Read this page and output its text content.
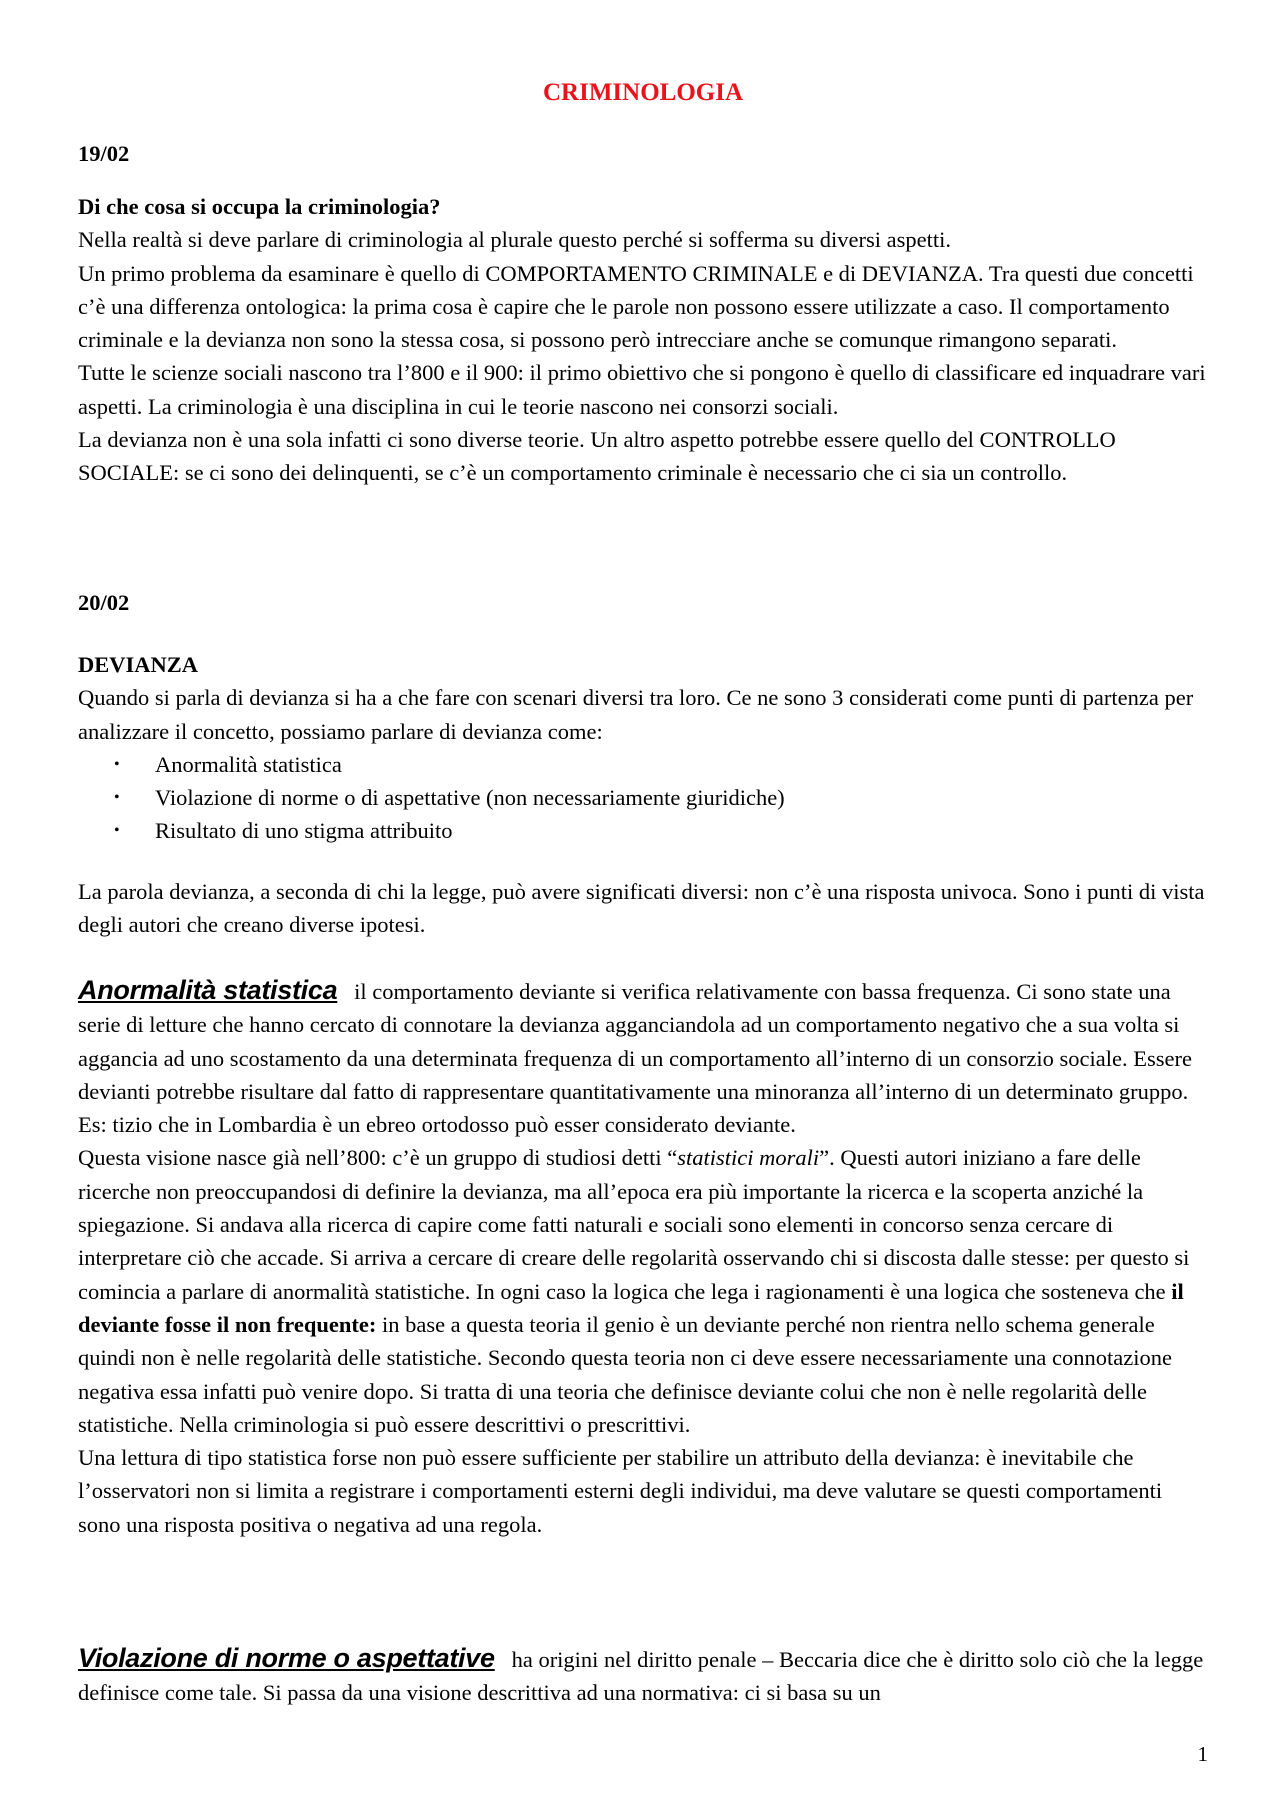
CRIMINOLOGIA

19/02

Di che cosa si occupa la criminologia?

Nella realtà si deve parlare di criminologia al plurale questo perché si sofferma su diversi aspetti.

Un primo problema da esaminare è quello di COMPORTAMENTO CRIMINALE e di DEVIANZA. Tra questi due concetti c’è una differenza ontologica: la prima cosa è capire che le parole non possono essere utilizzate a caso. Il comportamento criminale e la devianza non sono la stessa cosa, si possono però intrecciare anche se comunque rimangono separati.

Tutte le scienze sociali nascono tra l’800 e il 900: il primo obiettivo che si pongono è quello di classificare ed inquadrare vari aspetti. La criminologia è una disciplina in cui le teorie nascono nei consorzi sociali.

La devianza non è una sola infatti ci sono diverse teorie. Un altro aspetto potrebbe essere quello del CONTROLLO SOCIALE: se ci sono dei delinquenti, se c’è un comportamento criminale è necessario che ci sia un controllo.

20/02

DEVIANZA

Quando si parla di devianza si ha a che fare con scenari diversi tra loro. Ce ne sono 3 considerati come punti di partenza per analizzare il concetto, possiamo parlare di devianza come:

• Anormalità statistica
• Violazione di norme o di aspettative (non necessariamente giuridiche)
• Risultato di uno stigma attribuito

La parola devianza, a seconda di chi la legge, può avere significati diversi: non c’è una risposta univoca. Sono i punti di vista degli autori che creano diverse ipotesi.

Anormalità statistica il comportamento deviante si verifica relativamente con bassa frequenza. Ci sono state una serie di letture che hanno cercato di connotare la devianza agganciandola ad un comportamento negativo che a sua volta si aggancia ad uno scostamento da una determinata frequenza di un comportamento all’interno di un consorzio sociale. Essere devianti potrebbe risultare dal fatto di rappresentare quantitativamente una minoranza all’interno di un determinato gruppo. Es: tizio che in Lombardia è un ebreo ortodosso può esser considerato deviante.

Questa visione nasce già nell’800: c’è un gruppo di studiosi detti “statistici morali”. Questi autori iniziano a fare delle ricerche non preoccupandosi di definire la devianza, ma all’epoca era più importante la ricerca e la scoperta anziché la spiegazione. Si andava alla ricerca di capire come fatti naturali e sociali sono elementi in concorso senza cercare di interpretare ciò che accade. Si arriva a cercare di creare delle regolarità osservando chi si discosta dalle stesse: per questo si comincia a parlare di anormalità statistiche. In ogni caso la logica che lega i ragionamenti è una logica che sosteneva che il deviante fosse il non frequente: in base a questa teoria il genio è un deviante perché non rientra nello schema generale quindi non è nelle regolarità delle statistiche. Secondo questa teoria non ci deve essere necessariamente una connotazione negativa essa infatti può venire dopo. Si tratta di una teoria che definisce deviante colui che non è nelle regolarità delle statistiche. Nella criminologia si può essere descrittivi o prescrittivi.

Una lettura di tipo statistica forse non può essere sufficiente per stabilire un attributo della devianza: è inevitabile che l’osservatori non si limita a registrare i comportamenti esterni degli individui, ma deve valutare se questi comportamenti sono una risposta positiva o negativa ad una regola.

Violazione di norme o aspettative ha origini nel diritto penale – Beccaria dice che è diritto solo ciò che la legge definisce come tale. Si passa da una visione descrittiva ad una normativa: ci si basa su un

1
